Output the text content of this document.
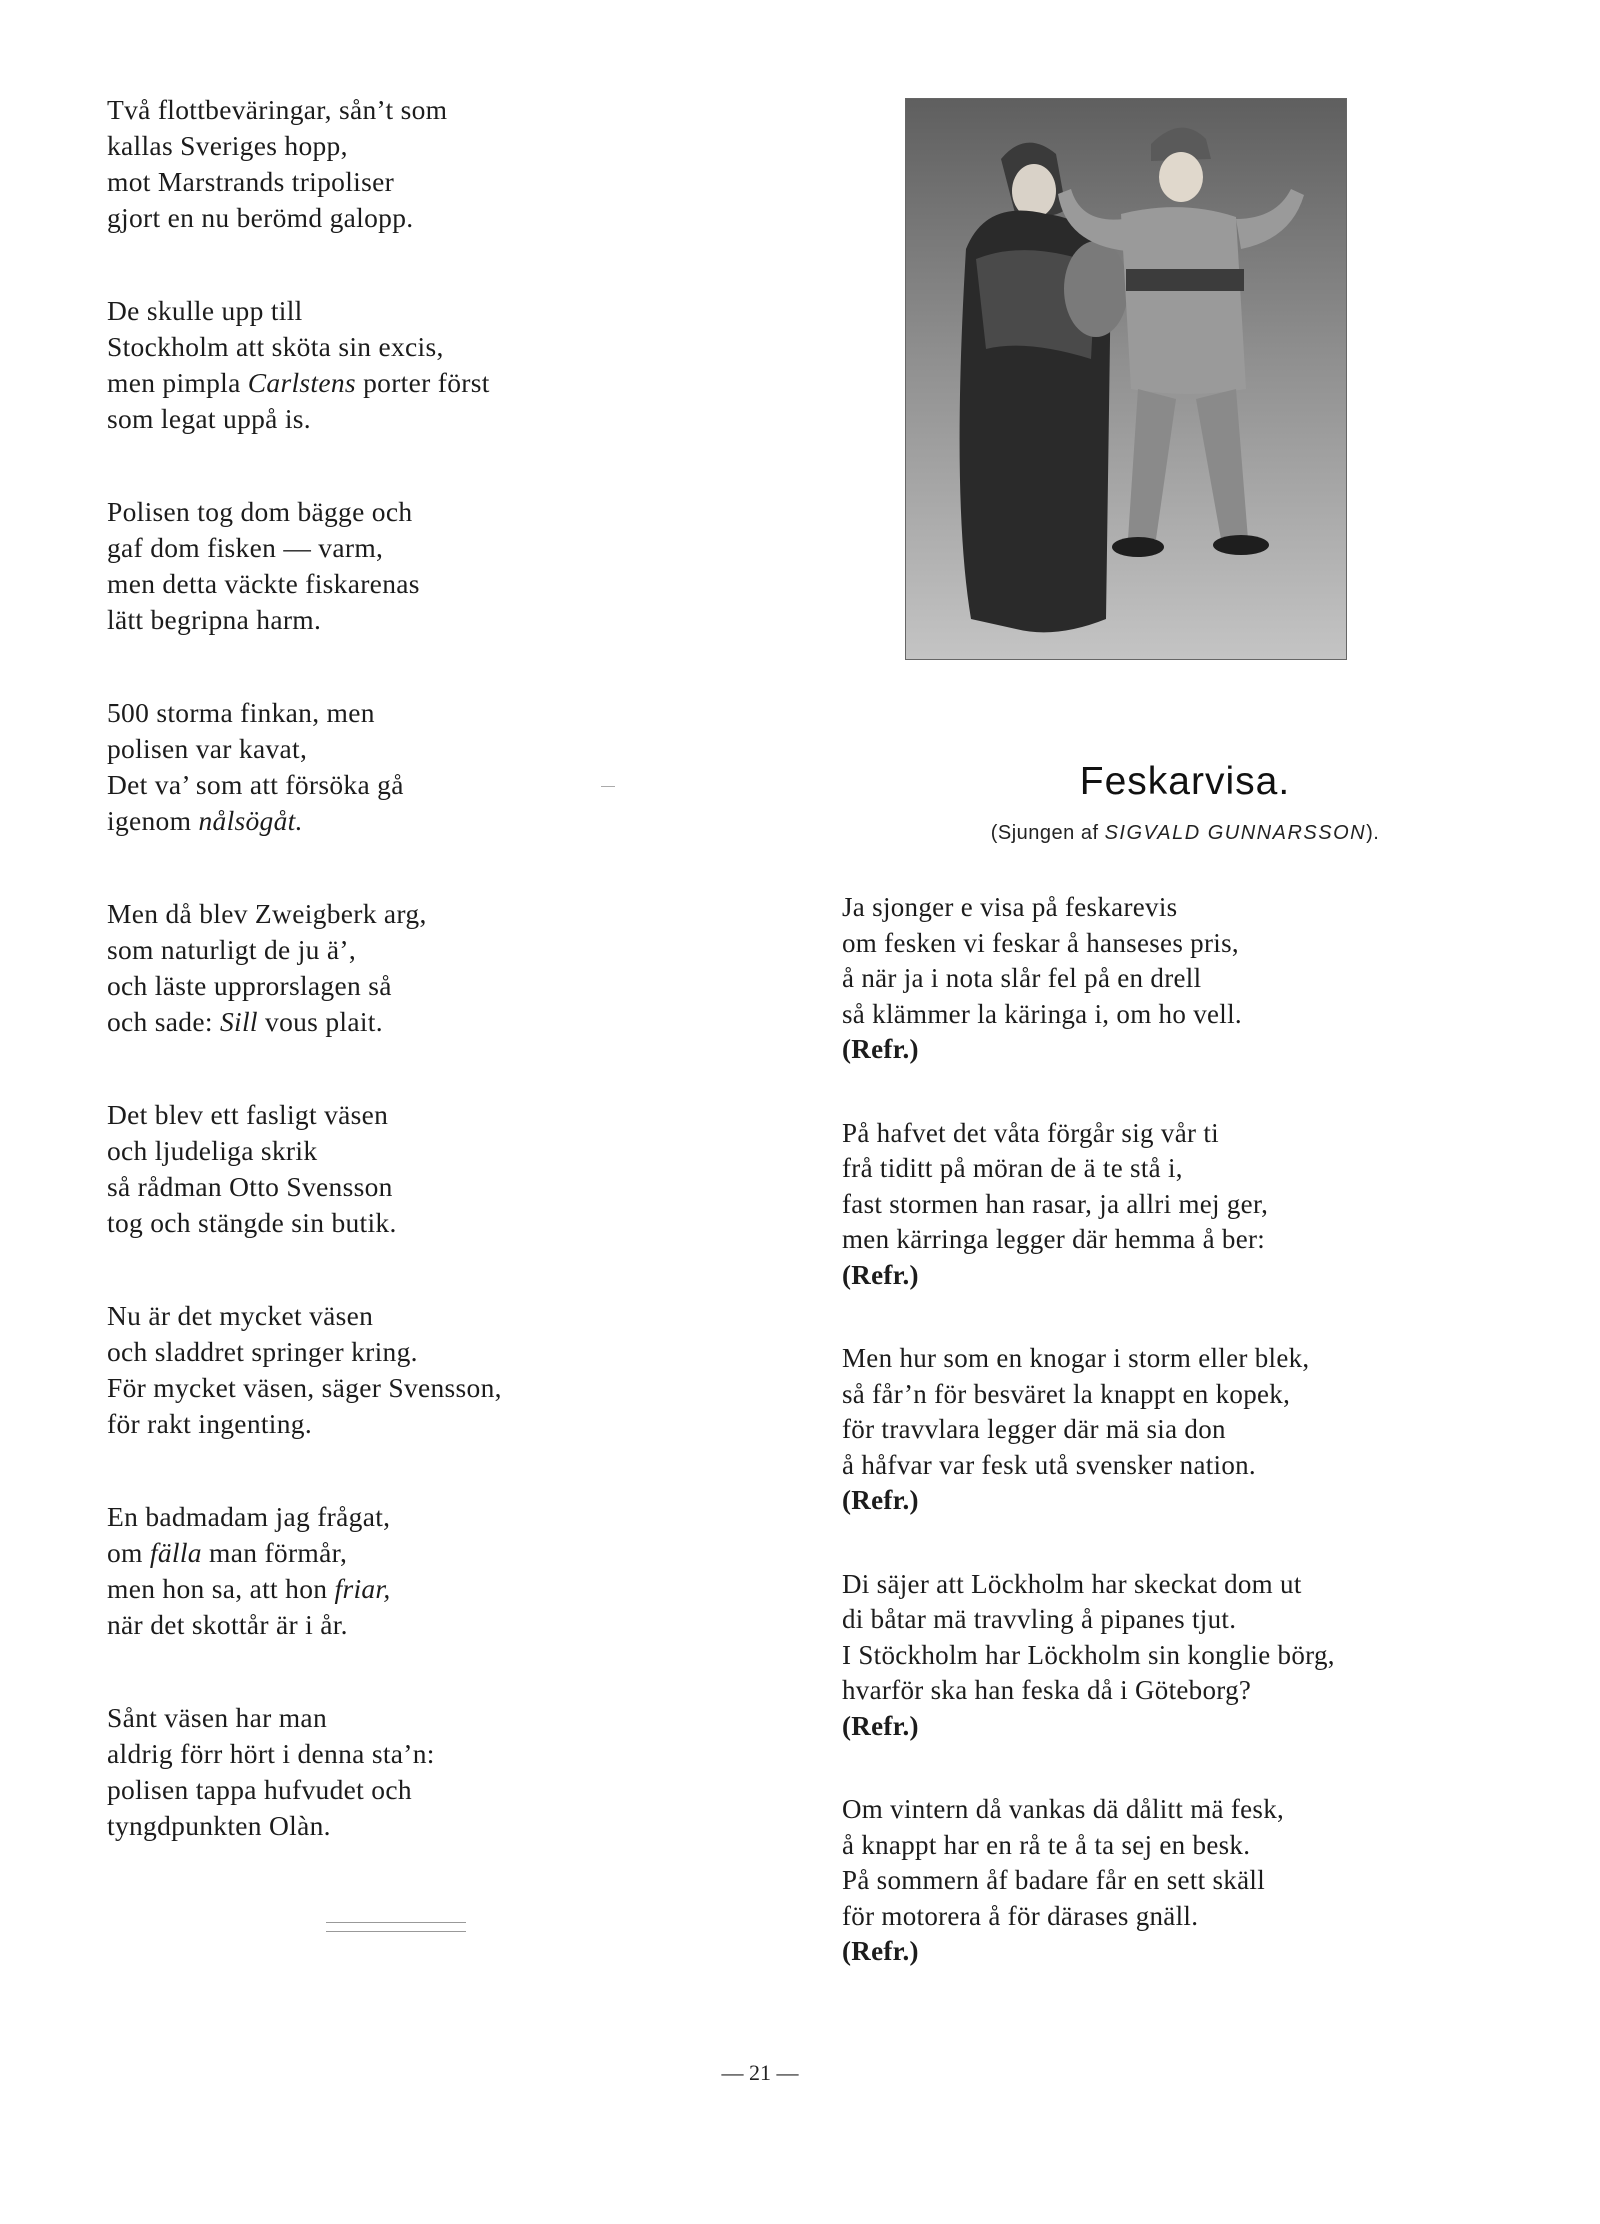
Två flottbeväringar, sån’t som
kallas Sveriges hopp,
mot Marstrands tripoliser
gjort en nu berömd galopp.
De skulle upp till
Stockholm att sköta sin excis,
men pimpla Carlstens porter först
som legat uppå is.
Polisen tog dom bägge och
gaf dom fisken — varm,
men detta väckte fiskarenas
lätt begripna harm.
500 storma finkan, men
polisen var kavat,
Det va’ som att försöka gå
igenom nålsögåt.
Men då blev Zweigberk arg,
som naturligt de ju ä’,
och läste upprorslagen så
och sade: Sill vous plait.
Det blev ett fasligt väsen
och ljudeliga skrik
så rådman Otto Svensson
tog och stängde sin butik.
Nu är det mycket väsen
och sladdret springer kring.
För mycket väsen, säger Svensson,
för rakt ingenting.
En badmadam jag frågat,
om fälla man förmår,
men hon sa, att hon friar,
när det skottår är i år.
Sånt väsen har man
aldrig förr hört i denna sta’n:
polisen tappa hufvudet och
tyngdpunkten Olàn.
Feskarvisa.
(Sjungen af SIGVALD GUNNARSSON).
Ja sjonger e visa på feskarevis
om fesken vi feskar å hanseses pris,
å när ja i nota slår fel på en drell
så klämmer la käringa i, om ho vell.
(Refr.)
På hafvet det våta förgår sig vår ti
frå tiditt på möran de ä te stå i,
fast stormen han rasar, ja allri mej ger,
men kärringa legger där hemma å ber:
(Refr.)
Men hur som en knogar i storm eller blek,
så får’n för besväret la knappt en kopek,
för travvlara legger där mä sia don
å håfvar var fesk utå svensker nation.
(Refr.)
Di säjer att Löckholm har skeckat dom ut
di båtar mä travvling å pipanes tjut.
I Stöckholm har Löckholm sin konglie börg,
hvarför ska han feska då i Göteborg?
(Refr.)
Om vintern då vankas dä dålitt mä fesk,
å knappt har en rå te å ta sej en besk.
På sommern åf badare får en sett skäll
för motorera å för därases gnäll.
(Refr.)
— 21 —
